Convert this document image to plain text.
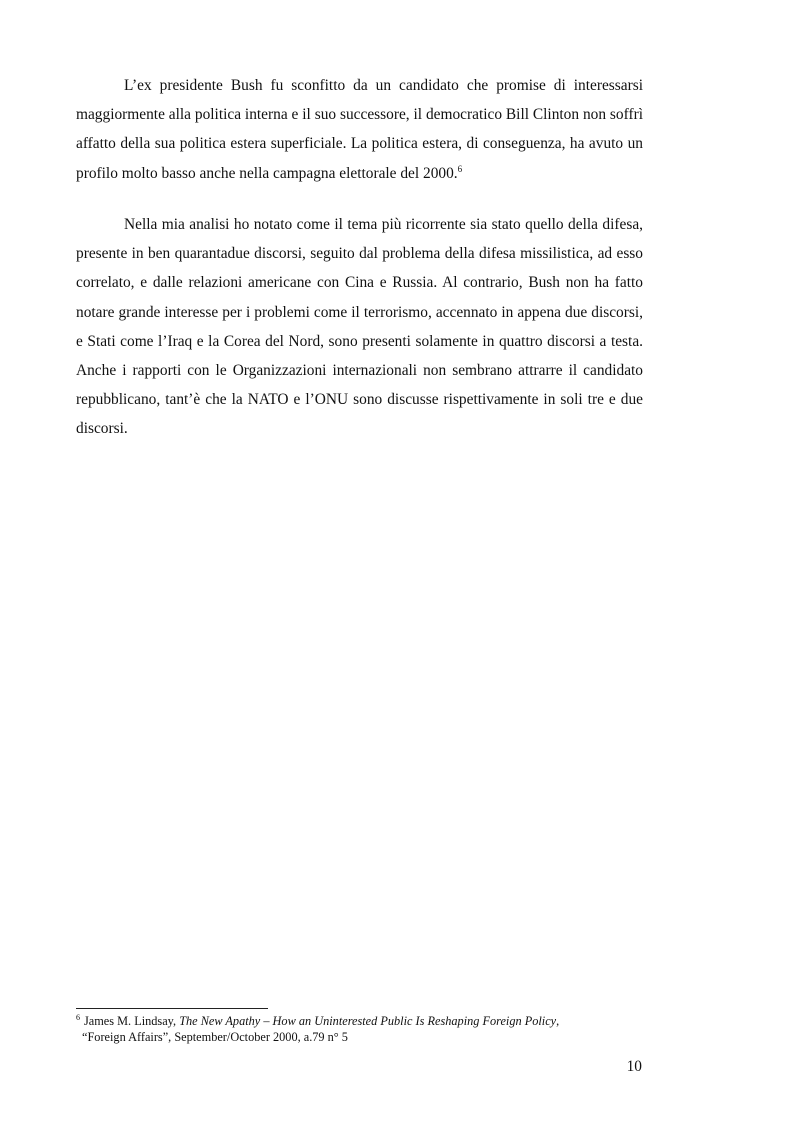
L’ex presidente Bush fu sconfitto da un candidato che promise di interessarsi maggiormente alla politica interna e il suo successore, il democratico Bill Clinton non soffrì affatto della sua politica estera superficiale. La politica estera, di conseguenza, ha avuto un profilo molto basso anche nella campagna elettorale del 2000.$^6$

Nella mia analisi ho notato come il tema più ricorrente sia stato quello della difesa, presente in ben quarantadue discorsi, seguito dal problema della difesa missilistica, ad esso correlato, e dalle relazioni americane con Cina e Russia. Al contrario, Bush non ha fatto notare grande interesse per i problemi come il terrorismo, accennato in appena due discorsi, e Stati come l’Iraq e la Corea del Nord, sono presenti solamente in quattro discorsi a testa. Anche i rapporti con le Organizzazioni internazionali non sembrano attrarre il candidato repubblicano, tant’è che la NATO e l’ONU sono discusse rispettivamente in soli tre e due discorsi.

$^6$ James M. Lindsay, The New Apathy – How an Uninterested Public Is Reshaping Foreign Policy,
“Foreign Affairs”, September/October 2000, a.79 n° 5

10
